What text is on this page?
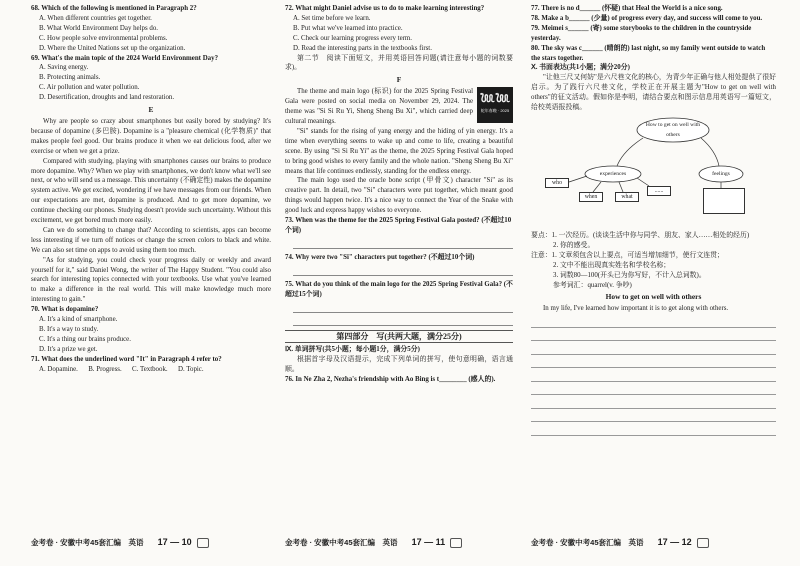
68. Which of the following is mentioned in Paragraph 2?

A. When different countries get together.

B. What World Environment Day helps do.

C. How people solve environmental problems.

D. Where the United Nations set up the organization.

69. What's the main topic of the 2024 World Environment Day?

A. Saving energy.

B. Protecting animals.

C. Air pollution and water pollution.

D. Desertification, droughts and land restoration.

E

Why are people so crazy about smartphones but easily bored by studying? It's because of dopamine (多巴胺). Dopamine is a "pleasure chemical (化学物质)" that makes people feel good. Our brains produce it when we eat delicious food, after we exercise or when we get a prize.

Compared with studying, playing with smartphones causes our brains to produce more dopamine. Why? When we play with smartphones, we don't know what we'll see next, or who will send us a message. This uncertainty (不确定性) makes the dopamine system active. We get excited, wondering if we have messages from our friends. When our expectations are met, dopamine is produced. And to get more dopamine, we continue checking our phones. Studying doesn't provide such uncertainty. Without this excitement, we get bored much more easily.

Can we do something to change that? According to scientists, apps can become less interesting if we turn off notices or change the screen colors to black and white. We can also set time on apps to avoid using them too much.

"As for studying, you could check your progress daily or weekly and award yourself for it," said Daniel Wong, the writer of The Happy Student. "You could also search for interesting topics connected with your textbooks. Use what you've learned to make a difference in the real world. This will make knowledge much more interesting to gain."

70. What is dopamine?

A. It's a kind of smartphone.

B. It's a way to study.

C. It's a thing our brains produce.

D. It's a prize we get.

71. What does the underlined word "It" in Paragraph 4 refer to?

A. Dopamine. B. Progress. C. Textbook. D. Topic.

金考卷 · 安徽中考45套汇编　英语 17 — 10

72. What might Daniel advise us to do to make learning interesting?

A. Set time before we learn.

B. Put what we've learned into practice.

C. Check our learning progress every term.

D. Read the interesting parts in the textbooks first.

第二节　阅读下面短文，并用英语回答问题(请注意每小题的词数要求)。

F

𓆙𓆙
蛇年春晚 · 2025

The theme and main logo (标识) for the 2025 Spring Festival Gala were posted on social media on November 29, 2024. The theme was "Si Si Ru Yi, Sheng Sheng Bu Xi", which carried deep cultural meanings.

"Si" stands for the rising of yang energy and the hiding of yin energy. It's a time when everything seems to wake up and come to life, creating a beautiful scene. By using "Si Si Ru Yi" as the theme, the 2025 Spring Festival Gala hoped to bring good wishes to every family and the whole nation. "Sheng Sheng Bu Xi" means that life continues endlessly, standing for the endless energy.

The main logo used the oracle bone script (甲骨文) character "Si" as its creative part. In detail, two "Si" characters were put together, which meant good things would happen twice. It's a nice way to connect the Year of the Snake with good luck and express happy wishes to everyone.

73. When was the theme for the 2025 Spring Festival Gala posted? (不超过10个词)

74. Why were two "Si" characters put together? (不超过10个词)

75. What do you think of the main logo for the 2025 Spring Festival Gala? (不超过15个词)

第四部分　写(共两大题，满分25分)

Ⅸ. 单词拼写(共5小题；每小题1分，满分5分)

根据首字母及汉语提示，完成下列单词的拼写，使句意明确，语言通顺。

76. In Ne Zha 2, Nezha's friendship with Ao Bing is t________ (感人的).

金考卷 · 安徽中考45套汇编　英语 17 — 11

77. There is no d______ (怀疑) that Heal the World is a nice song.

78. Make a b______ (少量) of progress every day, and success will come to you.

79. Meimei s______ (寄) some storybooks to the children in the countryside yesterday.

80. The sky was c______ (晴朗的) last night, so my family went outside to watch the stars together.

Ⅹ. 书面表达(共1小题；满分20分)

"让他三尺又何妨"是六尺巷文化的核心，为青少年正确与他人相处提供了很好启示。为了践行六尺巷文化，学校正在开展主题为"How to get on well with others"的征文活动。假如你是李明，请结合要点和图示信息用英语写一篇短文，给校英语报投稿。

How to get on well with others
experiences	feelings
who
when	what
......

要点：1. 一次经历。(谈谈生活中你与同学、朋友、家人……相处的经历)

2. 你的感受。

注意：1. 文章须包含以上要点，可适当增加细节，使行文连贯；

2. 文中不能出现真实姓名和学校名称；

3. 词数80—100(开头已为你写好，不计入总词数)。

参考词汇：quarrel(v. 争吵)

How to get on well with others

In my life, I've learned how important it is to get along with others.

金考卷 · 安徽中考45套汇编　英语 17 — 12
